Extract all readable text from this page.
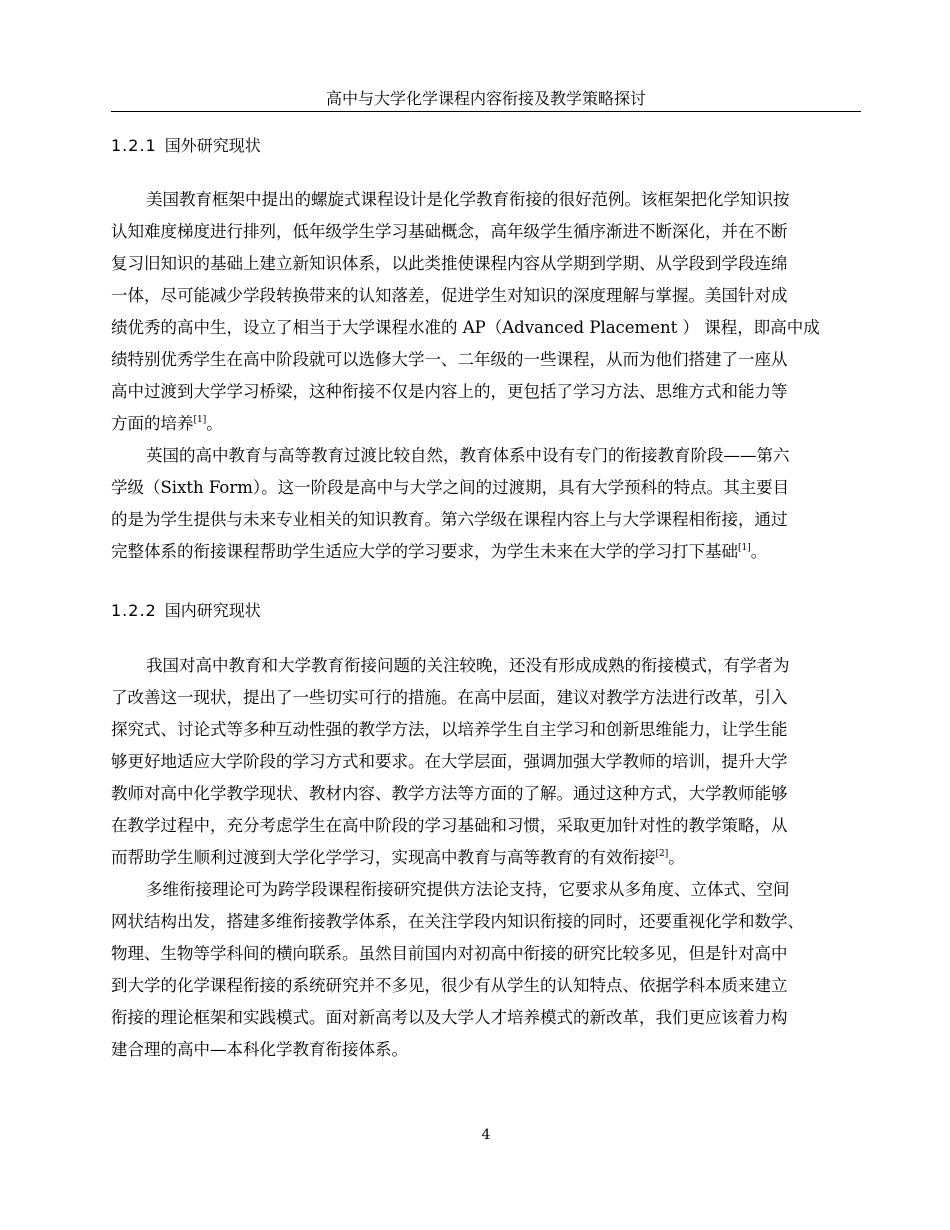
高中与大学化学课程内容衔接及教学策略探讨
1.2.1 国外研究现状
美国教育框架中提出的螺旋式课程设计是化学教育衔接的很好范例。该框架把化学知识按
认知难度梯度进行排列，低年级学生学习基础概念，高年级学生循序渐进不断深化，并在不断
复习旧知识的基础上建立新知识体系，以此类推使课程内容从学期到学期、从学段到学段连绵
一体，尽可能减少学段转换带来的认知落差，促进学生对知识的深度理解与掌握。美国针对成
绩优秀的高中生，设立了相当于大学课程水准的 AP（Advanced Placement ） 课程，即高中成
绩特别优秀学生在高中阶段就可以选修大学一、二年级的一些课程，从而为他们搭建了一座从
高中过渡到大学学习桥梁，这种衔接不仅是内容上的，更包括了学习方法、思维方式和能力等
方面的培养[1]。
英国的高中教育与高等教育过渡比较自然，教育体系中设有专门的衔接教育阶段——第六
学级（Sixth Form）。这一阶段是高中与大学之间的过渡期，具有大学预科的特点。其主要目
的是为学生提供与未来专业相关的知识教育。第六学级在课程内容上与大学课程相衔接，通过
完整体系的衔接课程帮助学生适应大学的学习要求，为学生未来在大学的学习打下基础[1]。
1.2.2 国内研究现状
我国对高中教育和大学教育衔接问题的关注较晚，还没有形成成熟的衔接模式，有学者为
了改善这一现状，提出了一些切实可行的措施。在高中层面，建议对教学方法进行改革，引入
探究式、讨论式等多种互动性强的教学方法，以培养学生自主学习和创新思维能力，让学生能
够更好地适应大学阶段的学习方式和要求。在大学层面，强调加强大学教师的培训，提升大学
教师对高中化学教学现状、教材内容、教学方法等方面的了解。通过这种方式，大学教师能够
在教学过程中，充分考虑学生在高中阶段的学习基础和习惯，采取更加针对性的教学策略，从
而帮助学生顺利过渡到大学化学学习，实现高中教育与高等教育的有效衔接[2]。
多维衔接理论可为跨学段课程衔接研究提供方法论支持，它要求从多角度、立体式、空间
网状结构出发，搭建多维衔接教学体系，在关注学段内知识衔接的同时，还要重视化学和数学、
物理、生物等学科间的横向联系。虽然目前国内对初高中衔接的研究比较多见，但是针对高中
到大学的化学课程衔接的系统研究并不多见，很少有从学生的认知特点、依据学科本质来建立
衔接的理论框架和实践模式。面对新高考以及大学人才培养模式的新改革，我们更应该着力构
建合理的高中—本科化学教育衔接体系。
4
